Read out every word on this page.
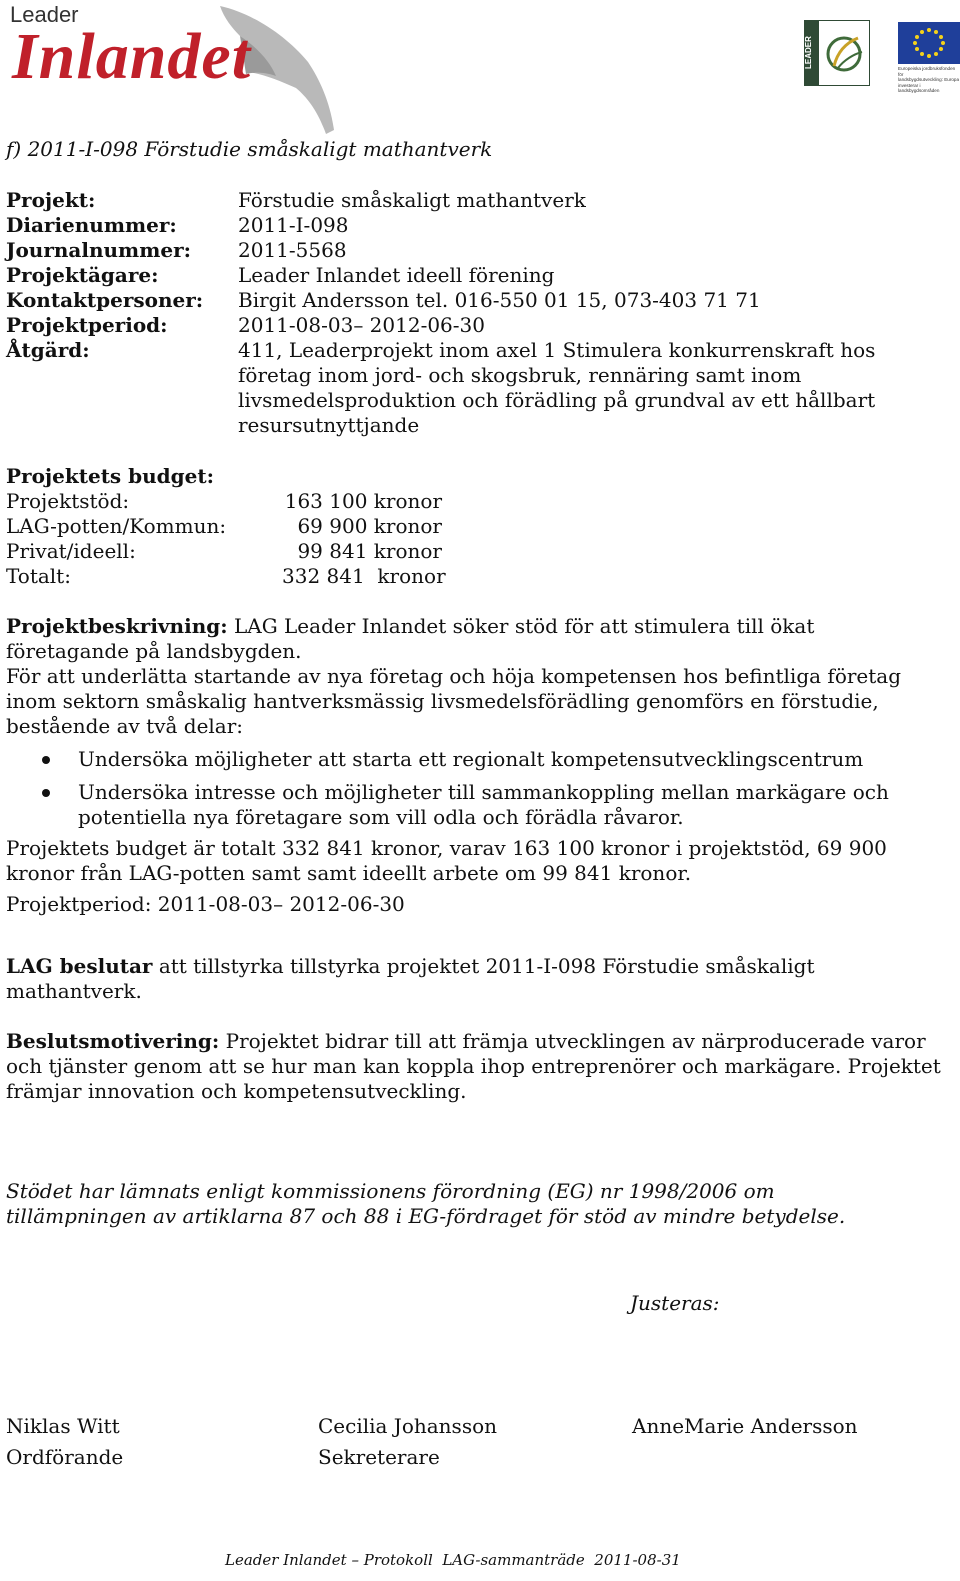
Leader
Inlandet	LEADER	Europeiska jordbruksfonden för
landsbygdsutveckling: Europa
investerar i landsbygdsområden
f) 2011-I-098 Förstudie småskaligt mathantverk
Projekt:	Förstudie småskaligt mathantverk
Diarienummer:	2011-I-098
Journalnummer: 2011-5568
Projektägare:	Leader Inlandet ideell förening
Kontaktpersoner: Birgit Andersson tel. 016-550 01 15, 073-403 71 71
Projektperiod:	2011-08-03– 2012-06-30
Åtgärd:	411, Leaderprojekt inom axel 1 Stimulera konkurrenskraft hos
företag inom jord- och skogsbruk, rennäring samt inom
livsmedelsproduktion och förädling på grundval av ett hållbart
resursutnyttjande
Projektets budget:
Projektstöd:	163 100 kronor
LAG-potten/Kommun:	69 900 kronor
Privat/ideell:	99 841 kronor
Totalt:	332 841  kronor
Projektbeskrivning: LAG Leader Inlandet söker stöd för att stimulera till ökat
företagande på landsbygden.
För att underlätta startande av nya företag och höja kompetensen hos befintliga företag
inom sektorn småskalig hantverksmässig livsmedelsförädling genomförs en förstudie,
bestående av två delar:
Undersöka möjligheter att starta ett regionalt kompetensutvecklingscentrum
Undersöka intresse och möjligheter till sammankoppling mellan markägare och
potentiella nya företagare som vill odla och förädla råvaror.
Projektets budget är totalt 332 841 kronor, varav 163 100 kronor i projektstöd, 69 900
kronor från LAG-potten samt samt ideellt arbete om 99 841 kronor.
Projektperiod: 2011-08-03– 2012-06-30
LAG beslutar att tillstyrka tillstyrka projektet 2011-I-098 Förstudie småskaligt
mathantverk.
Beslutsmotivering: Projektet bidrar till att främja utvecklingen av närproducerade varor
och tjänster genom att se hur man kan koppla ihop entreprenörer och markägare. Projektet
främjar innovation och kompetensutveckling.
Stödet har lämnats enligt kommissionens förordning (EG) nr 1998/2006 om
tillämpningen av artiklarna 87 och 88 i EG-fördraget för stöd av mindre betydelse.
Justeras:
Niklas Witt
Ordförande
Cecilia Johansson
Sekreterare
AnneMarie Andersson
Leader Inlandet – Protokoll  LAG-sammanträde  2011-08-31
